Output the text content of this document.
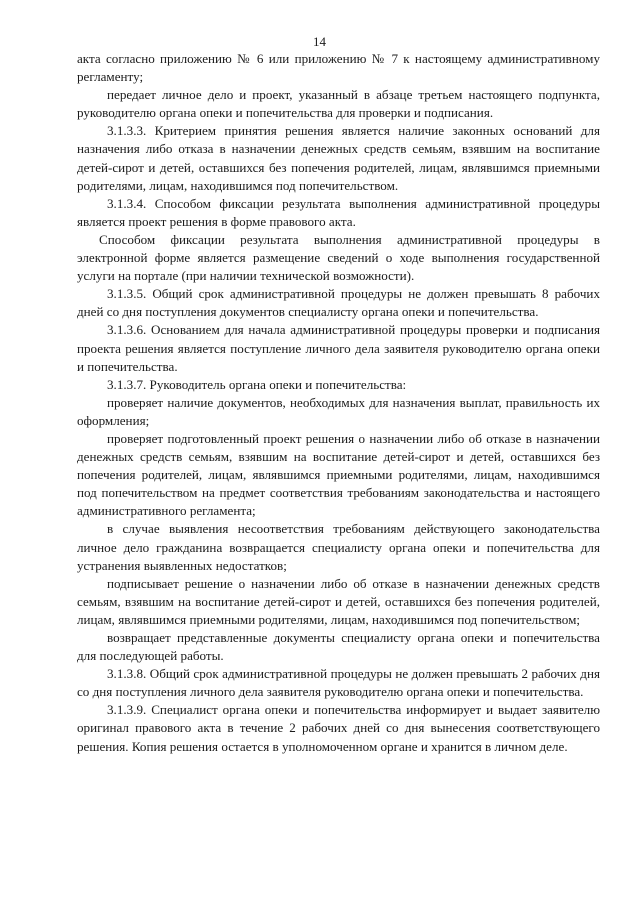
14

акта согласно приложению № 6 или приложению № 7 к настоящему административному регламенту;

передает личное дело и проект, указанный в абзаце третьем настоящего подпункта, руководителю органа опеки и попечительства для проверки и подписания.

3.1.3.3. Критерием принятия решения является наличие законных оснований для назначения либо отказа в назначении денежных средств семьям, взявшим на воспитание детей-сирот и детей, оставшихся без попечения родителей, лицам, являвшимся приемными родителями, лицам, находившимся под попечительством.

3.1.3.4. Способом фиксации результата выполнения административной процедуры является проект решения в форме правового акта.

Способом фиксации результата выполнения административной процедуры в электронной форме является размещение сведений о ходе выполнения государственной услуги на портале (при наличии технической возможности).

3.1.3.5. Общий срок административной процедуры не должен превышать 8 рабочих дней со дня поступления документов специалисту органа опеки и попечительства.

3.1.3.6. Основанием для начала административной процедуры проверки и подписания проекта решения является поступление личного дела заявителя руководителю органа опеки и попечительства.

3.1.3.7. Руководитель органа опеки и попечительства:

проверяет наличие документов, необходимых для назначения выплат, правильность их оформления;

проверяет подготовленный проект решения о назначении либо об отказе в назначении денежных средств семьям, взявшим на воспитание детей-сирот и детей, оставшихся без попечения родителей, лицам, являвшимся приемными родителями, лицам, находившимся под попечительством на предмет соответствия требованиям законодательства и настоящего административного регламента;

в случае выявления несоответствия требованиям действующего законодательства личное дело гражданина возвращается специалисту органа опеки и попечительства для устранения выявленных недостатков;

подписывает решение о назначении либо об отказе в назначении денежных средств семьям, взявшим на воспитание детей-сирот и детей, оставшихся без попечения родителей, лицам, являвшимся приемными родителями, лицам, находившимся под попечительством;

возвращает представленные документы специалисту органа опеки и попечительства для последующей работы.

3.1.3.8. Общий срок административной процедуры не должен превышать 2 рабочих дня со дня поступления личного дела заявителя руководителю органа опеки и попечительства.

3.1.3.9. Специалист органа опеки и попечительства информирует и выдает заявителю оригинал правового акта в течение 2 рабочих дней со дня вынесения соответствующего решения. Копия решения остается в уполномоченном органе и хранится в личном деле.
